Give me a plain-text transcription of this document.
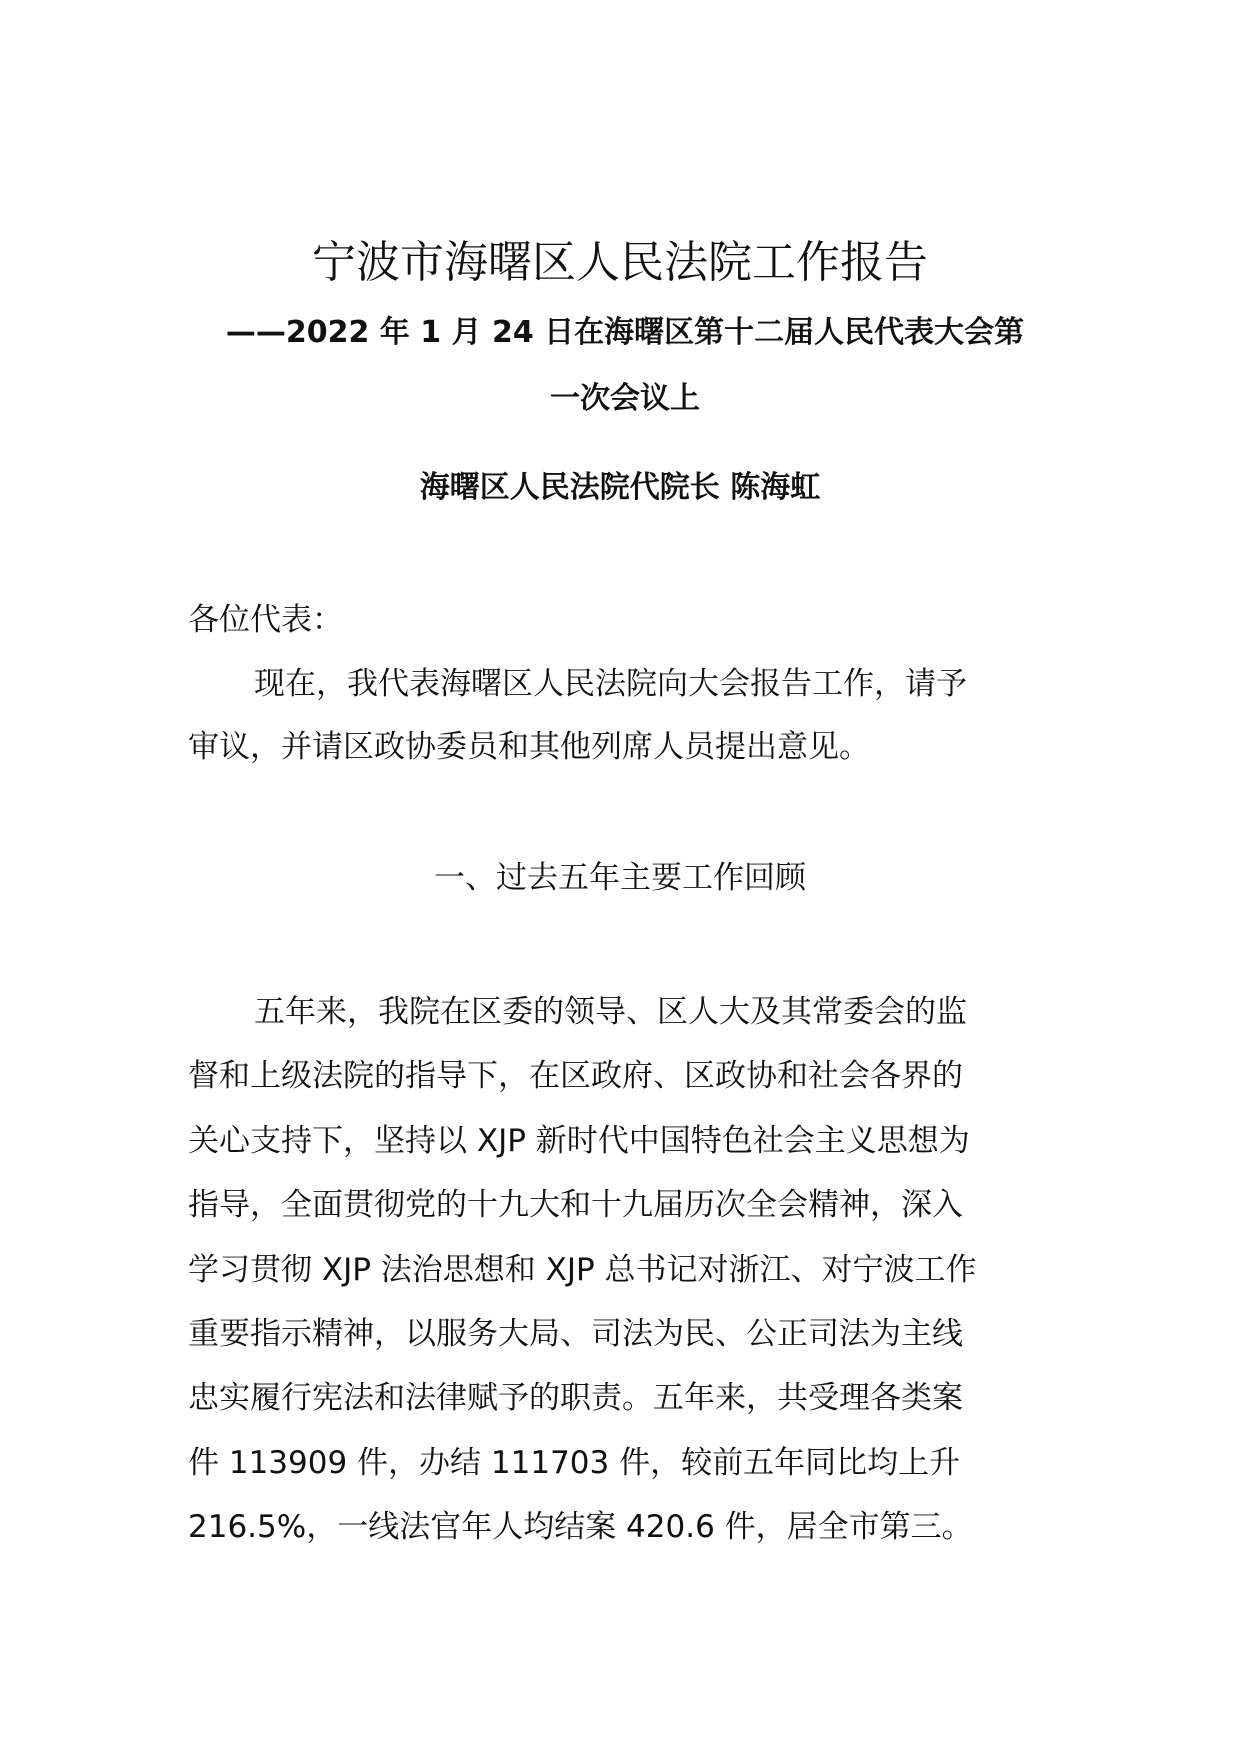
宁波市海曙区人民法院工作报告
——2022 年 1 月 24 日在海曙区第十二届人民代表大会第
一次会议上
海曙区人民法院代院长 陈海虹
各位代表：
现在，我代表海曙区人民法院向大会报告工作，请予
审议，并请区政协委员和其他列席人员提出意见。
一、过去五年主要工作回顾
五年来，我院在区委的领导、区人大及其常委会的监
督和上级法院的指导下，在区政府、区政协和社会各界的
关心支持下，坚持以 XJP 新时代中国特色社会主义思想为
指导，全面贯彻党的十九大和十九届历次全会精神，深入
学习贯彻 XJP 法治思想和 XJP 总书记对浙江、对宁波工作
重要指示精神，以服务大局、司法为民、公正司法为主线
忠实履行宪法和法律赋予的职责。五年来，共受理各类案
件 113909 件，办结 111703 件，较前五年同比均上升
216.5%，一线法官年人均结案 420.6 件，居全市第三。
